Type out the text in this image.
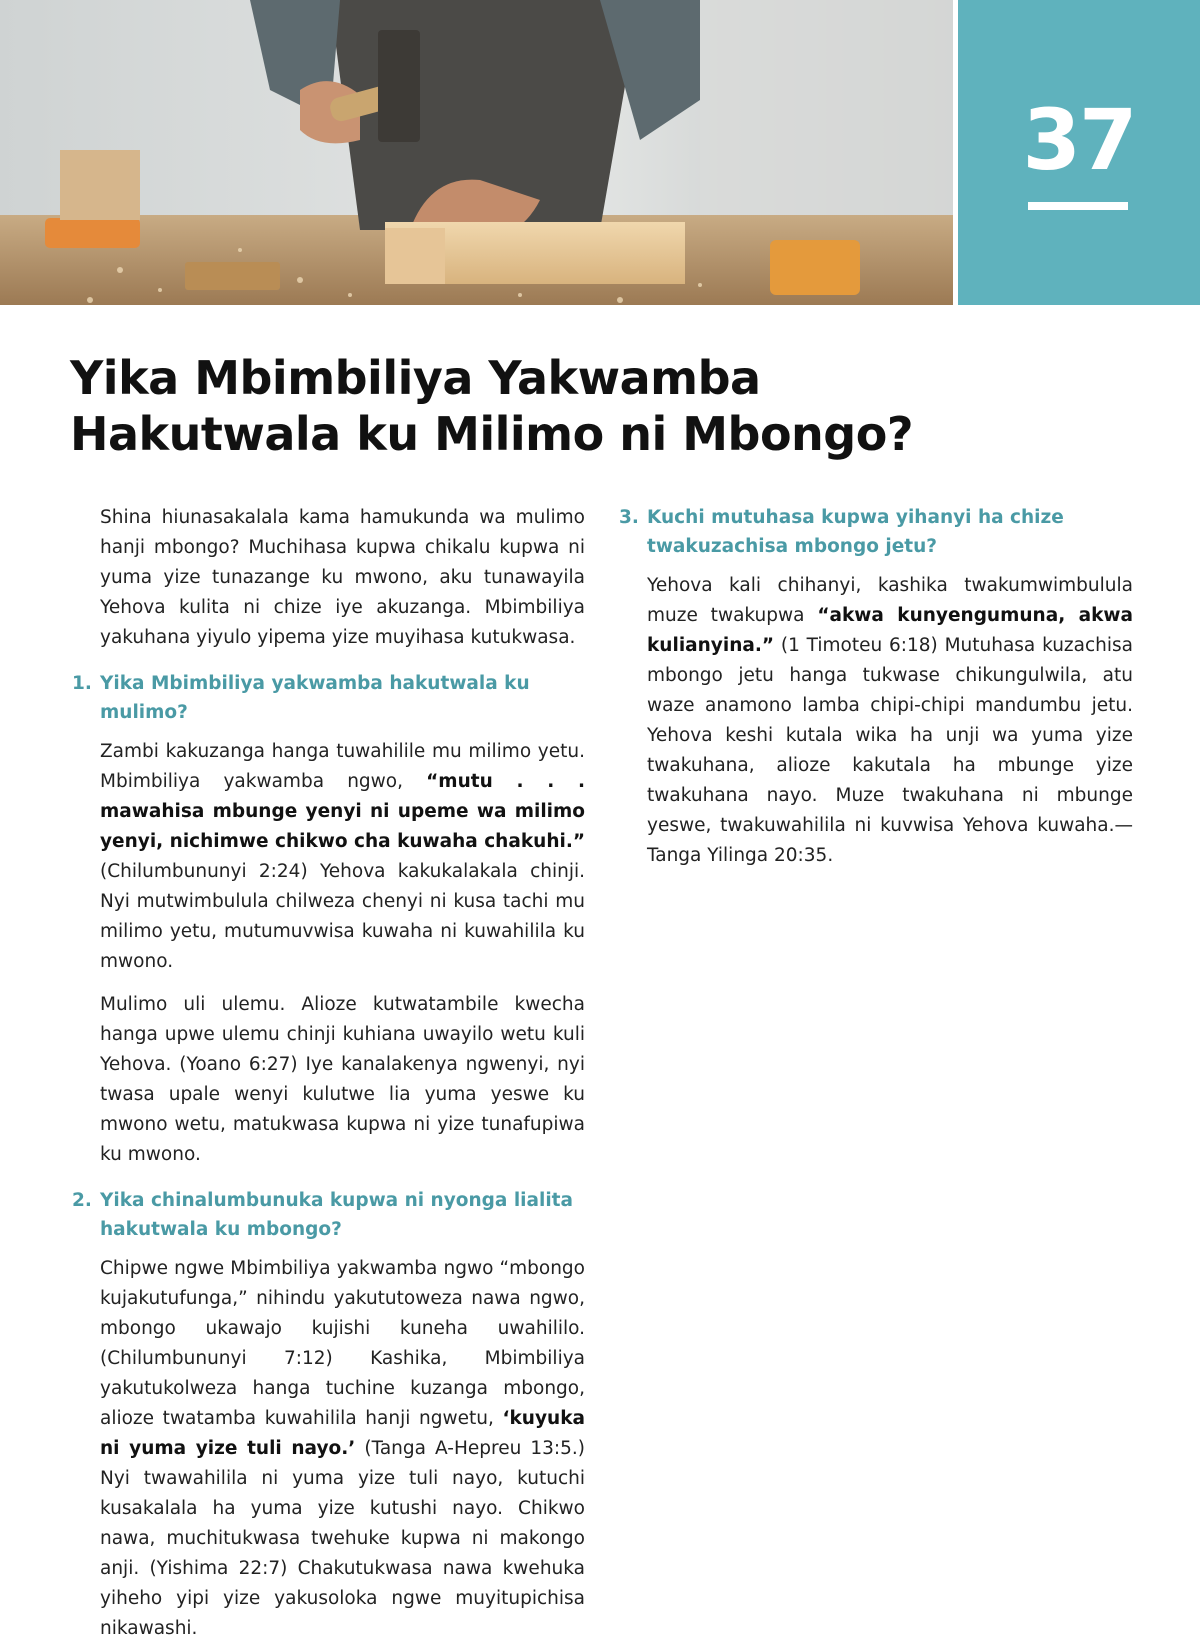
37
Yika Mbimbiliya Yakwamba
Hakutwala ku Milimo ni Mbongo?

Shina hiunasakalala kama hamukunda wa mulimo hanji mbongo? Muchihasa kupwa chikalu kupwa ni yuma yize tunazange ku mwono, aku tunawayila Yehova kulita ni chize iye akuzanga. Mbimbiliya yakuhana yiyulo yipema yize muyihasa kutukwasa.

1. Yika Mbimbiliya yakwamba hakutwala ku mulimo?

Zambi kakuzanga hanga tuwahilile mu milimo yetu. Mbimbiliya yakwamba ngwo, “mutu . . . mawahisa mbunge yenyi ni upeme wa milimo yenyi, nichimwe chikwo cha kuwaha chakuhi.” (Chilumbununyi 2:24) Yehova kakukalakala chinji. Nyi mutwimbulula chilweza chenyi ni kusa tachi mu milimo yetu, mutumuvwisa kuwaha ni kuwahilila ku mwono.

Mulimo uli ulemu. Alioze kutwatambile kwecha hanga upwe ulemu chinji kuhiana uwayilo wetu kuli Yehova. (Yoano 6:27) Iye kanalakenya ngwenyi, nyi twasa upale wenyi kulutwe lia yuma yeswe ku mwono wetu, matukwasa kupwa ni yize tunafupiwa ku mwono.

2. Yika chinalumbunuka kupwa ni nyonga lialita hakutwala ku mbongo?

Chipwe ngwe Mbimbiliya yakwamba ngwo “mbongo kujakutufunga,” nihindu yakututoweza nawa ngwo, mbongo ukawajo kujishi kuneha uwahililo. (Chilumbununyi 7:12) Kashika, Mbimbiliya yakutukolweza hanga tuchine kuzanga mbongo, alioze twatamba kuwahilila hanji ngwetu, ‘kuyuka ni yuma yize tuli nayo.’ (Tanga A-Hepreu 13:5.) Nyi twawahilila ni yuma yize tuli nayo, kutuchi kusakalala ha yuma yize kutushi nayo. Chikwo nawa, muchitukwasa twehuke kupwa ni makongo anji. (Yishima 22:7) Chakutukwasa nawa kwehuka yiheho yipi yize yakusoloka ngwe muyitupichisa nikawashi.

3. Kuchi mutuhasa kupwa yihanyi ha chize twakuzachisa mbongo jetu?

Yehova kali chihanyi, kashika twakumwimbulula muze twakupwa “akwa kunyengumuna, akwa kulianyina.” (1 Timoteu 6:18) Mutuhasa kuzachisa mbongo jetu hanga tukwase chikungulwila, atu waze anamono lamba chipi-chipi mandumbu jetu. Yehova keshi kutala wika ha unji wa yuma yize twakuhana, alioze kakutala ha mbunge yize twakuhana nayo. Muze twakuhana ni mbunge yeswe, twakuwahilila ni kuvwisa Yehova kuwaha.—Tanga Yilinga 20:35.
